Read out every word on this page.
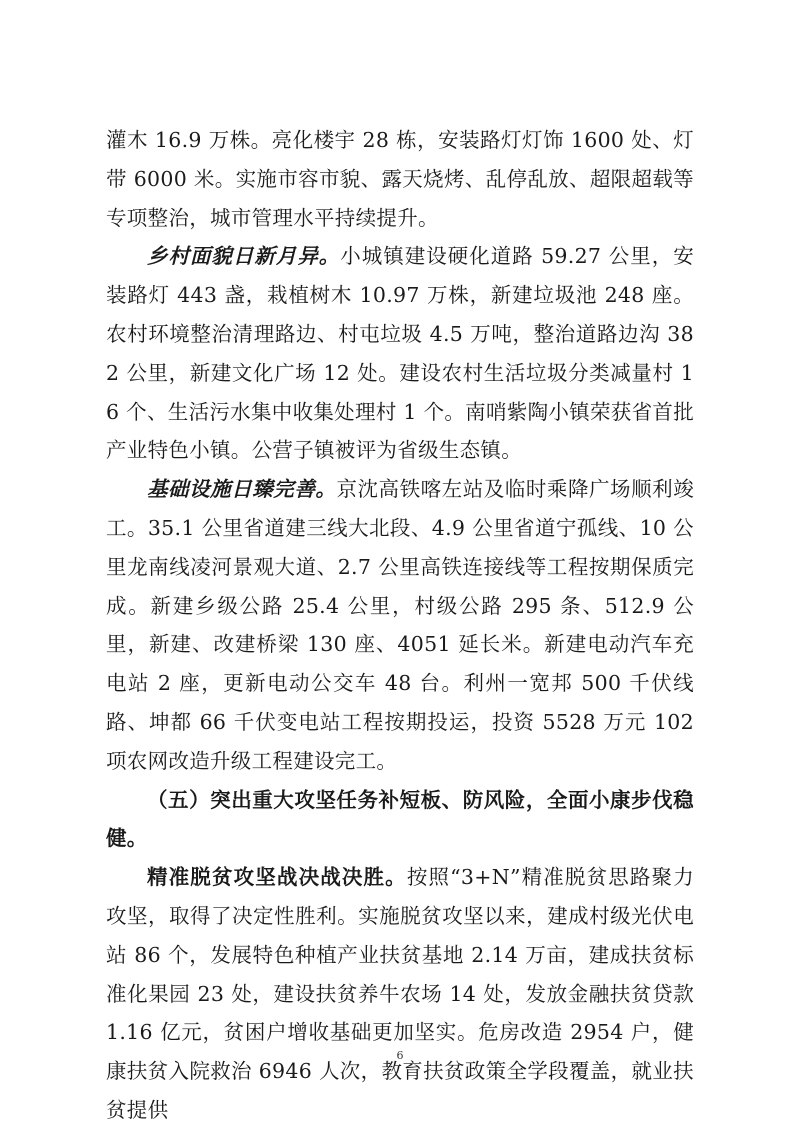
灌木 16.9 万株。亮化楼宇 28 栋，安装路灯灯饰 1600 处、灯带 6000 米。实施市容市貌、露天烧烤、乱停乱放、超限超载等专项整治，城市管理水平持续提升。

乡村面貌日新月异。小城镇建设硬化道路 59.27 公里，安装路灯 443 盏，栽植树木 10.97 万株，新建垃圾池 248 座。农村环境整治清理路边、村屯垃圾 4.5 万吨，整治道路边沟 382 公里，新建文化广场 12 处。建设农村生活垃圾分类减量村 16 个、生活污水集中收集处理村 1 个。南哨紫陶小镇荣获省首批产业特色小镇。公营子镇被评为省级生态镇。

基础设施日臻完善。京沈高铁喀左站及临时乘降广场顺利竣工。35.1 公里省道建三线大北段、4.9 公里省道宁孤线、10 公里龙南线凌河景观大道、2.7 公里高铁连接线等工程按期保质完成。新建乡级公路 25.4 公里，村级公路 295 条、512.9 公里，新建、改建桥梁 130 座、4051 延长米。新建电动汽车充电站 2 座，更新电动公交车 48 台。利州一宽邦 500 千伏线路、坤都 66 千伏变电站工程按期投运，投资 5528 万元 102 项农网改造升级工程建设完工。

（五）突出重大攻坚任务补短板、防风险，全面小康步伐稳健。

精准脱贫攻坚战决战决胜。按照“3+N”精准脱贫思路聚力攻坚，取得了决定性胜利。实施脱贫攻坚以来，建成村级光伏电站 86 个，发展特色种植产业扶贫基地 2.14 万亩，建成扶贫标准化果园 23 处，建设扶贫养牛农场 14 处，发放金融扶贫贷款 1.16 亿元，贫困户增收基础更加坚实。危房改造 2954 户，健康扶贫入院救治 6946 人次，教育扶贫政策全学段覆盖，就业扶贫提供

6
